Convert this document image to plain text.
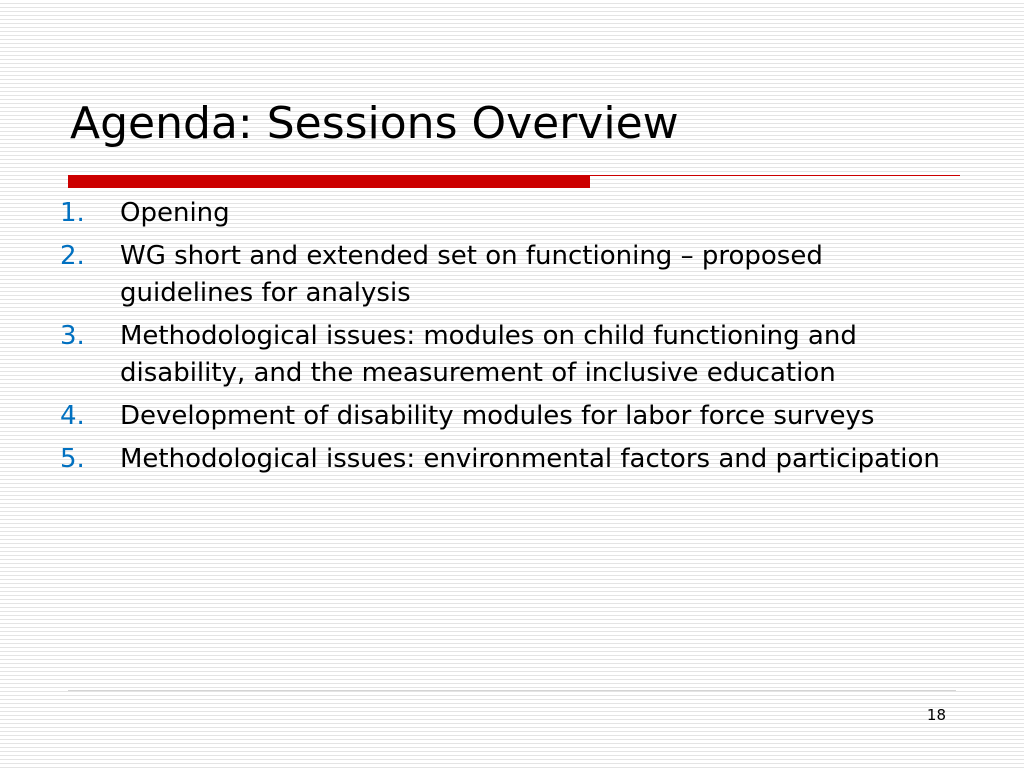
Agenda: Sessions Overview
1.	Opening
2.	WG short and extended set on functioning – proposed guidelines for analysis
3.	Methodological issues: modules on child functioning and disability, and the measurement of inclusive education
4.	Development of disability modules for labor force surveys
5.	Methodological issues: environmental factors and participation
18
